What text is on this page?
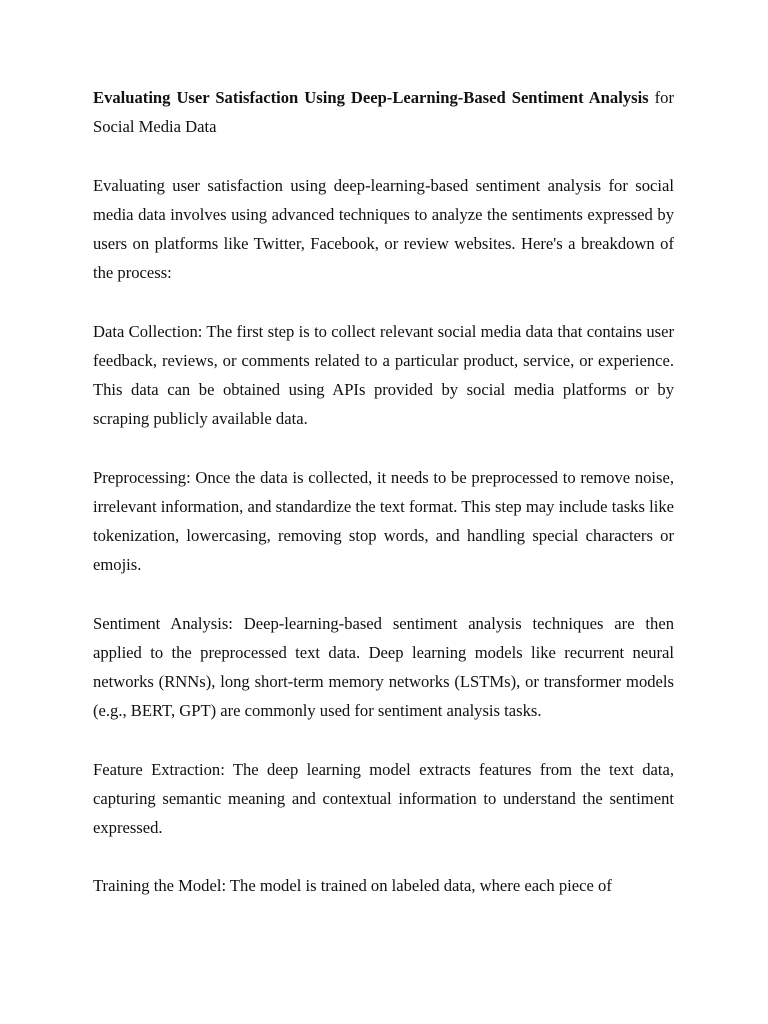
Evaluating User Satisfaction Using Deep-Learning-Based Sentiment Analysis for Social Media Data

Evaluating user satisfaction using deep-learning-based sentiment analysis for social media data involves using advanced techniques to analyze the sentiments expressed by users on platforms like Twitter, Facebook, or review websites. Here's a breakdown of the process:

Data Collection: The first step is to collect relevant social media data that contains user feedback, reviews, or comments related to a particular product, service, or experience. This data can be obtained using APIs provided by social media platforms or by scraping publicly available data.

Preprocessing: Once the data is collected, it needs to be preprocessed to remove noise, irrelevant information, and standardize the text format. This step may include tasks like tokenization, lowercasing, removing stop words, and handling special characters or emojis.

Sentiment Analysis: Deep-learning-based sentiment analysis techniques are then applied to the preprocessed text data. Deep learning models like recurrent neural networks (RNNs), long short-term memory networks (LSTMs), or transformer models (e.g., BERT, GPT) are commonly used for sentiment analysis tasks.

Feature Extraction: The deep learning model extracts features from the text data, capturing semantic meaning and contextual information to understand the sentiment expressed.

Training the Model: The model is trained on labeled data, where each piece of
